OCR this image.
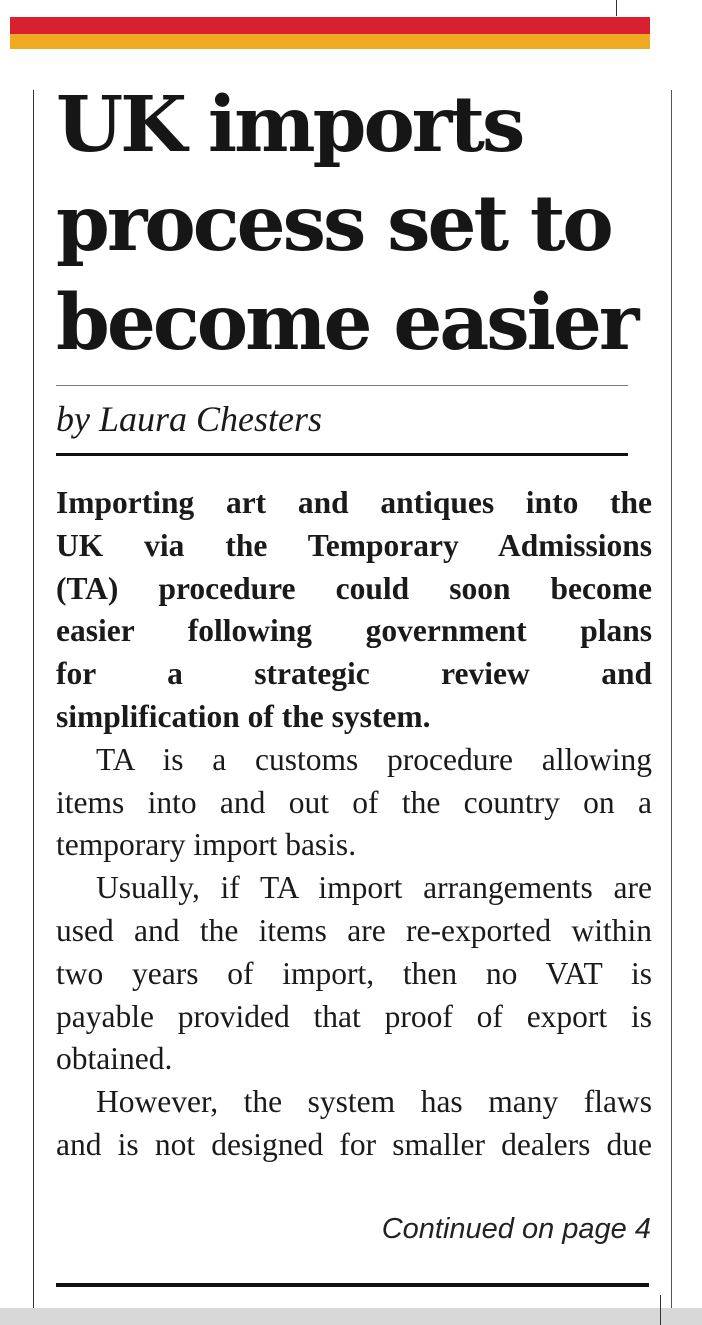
UK imports
process set to
become easier
by Laura Chesters
Importing art and antiques into the
UK via the Temporary Admissions
(TA) procedure could soon become
easier following government plans
for a strategic review and
simplification of the system.
TA is a customs procedure allowing
items into and out of the country on a
temporary import basis.
Usually, if TA import arrangements are
used and the items are re-exported within
two years of import, then no VAT is
payable provided that proof of export is
obtained.
However, the system has many flaws
and is not designed for smaller dealers due
Continued on page 4
